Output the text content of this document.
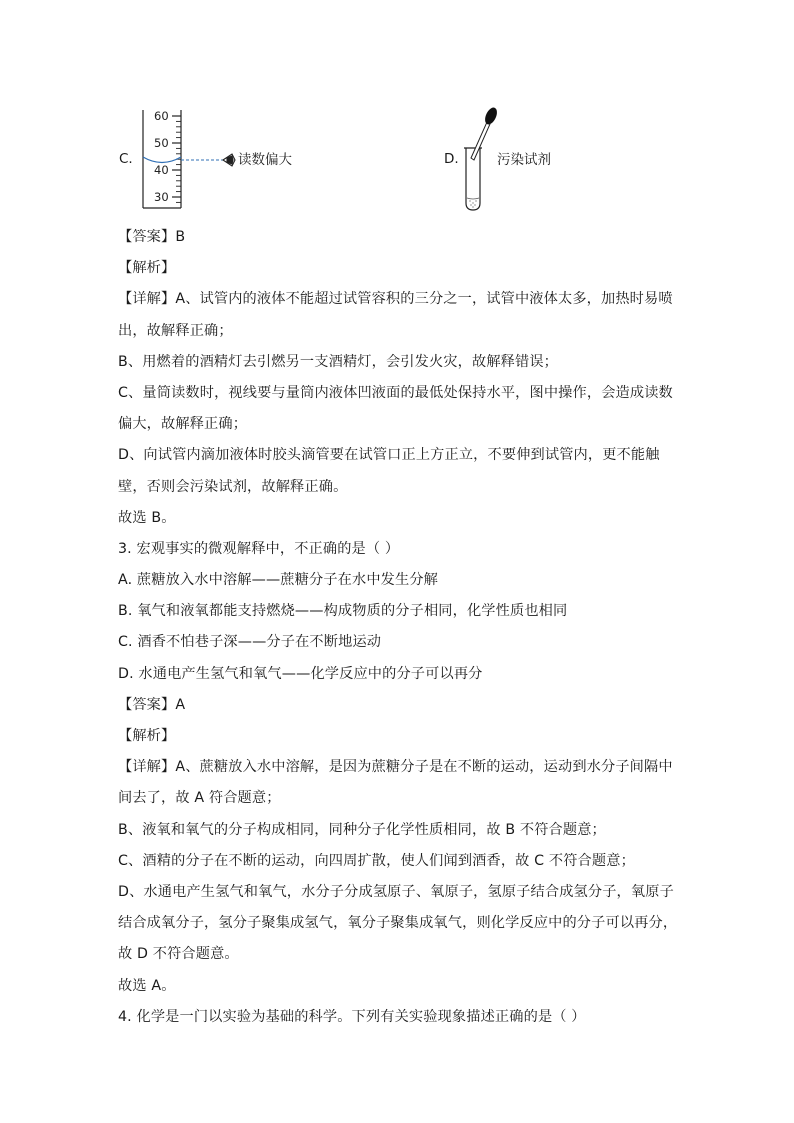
C.
60
50
40
30
读数偏大	D.	污染试剂
【答案】B
【解析】
【详解】A、试管内的液体不能超过试管容积的三分之一，试管中液体太多，加热时易喷
出，故解释正确；
B、用燃着的酒精灯去引燃另一支酒精灯，会引发火灾，故解释错误；
C、量筒读数时，视线要与量筒内液体凹液面的最低处保持水平，图中操作，会造成读数
偏大，故解释正确；
D、向试管内滴加液体时胶头滴管要在试管口正上方正立，不要伸到试管内，更不能触
壁，否则会污染试剂，故解释正确。
故选 B。
3. 宏观事实的微观解释中，不正确的是（ ）
A. 蔗糖放入水中溶解——蔗糖分子在水中发生分解
B. 氧气和液氧都能支持燃烧——构成物质的分子相同，化学性质也相同
C. 酒香不怕巷子深——分子在不断地运动
D. 水通电产生氢气和氧气——化学反应中的分子可以再分
【答案】A
【解析】
【详解】A、蔗糖放入水中溶解，是因为蔗糖分子是在不断的运动，运动到水分子间隔中
间去了，故 A 符合题意；
B、液氧和氧气的分子构成相同，同种分子化学性质相同，故 B 不符合题意；
C、酒精的分子在不断的运动，向四周扩散，使人们闻到酒香，故 C 不符合题意；
D、水通电产生氢气和氧气，水分子分成氢原子、氧原子，氢原子结合成氢分子，氧原子
结合成氧分子，氢分子聚集成氢气，氧分子聚集成氧气，则化学反应中的分子可以再分，
故 D 不符合题意。
故选 A。
4. 化学是一门以实验为基础的科学。下列有关实验现象描述正确的是（ ）
